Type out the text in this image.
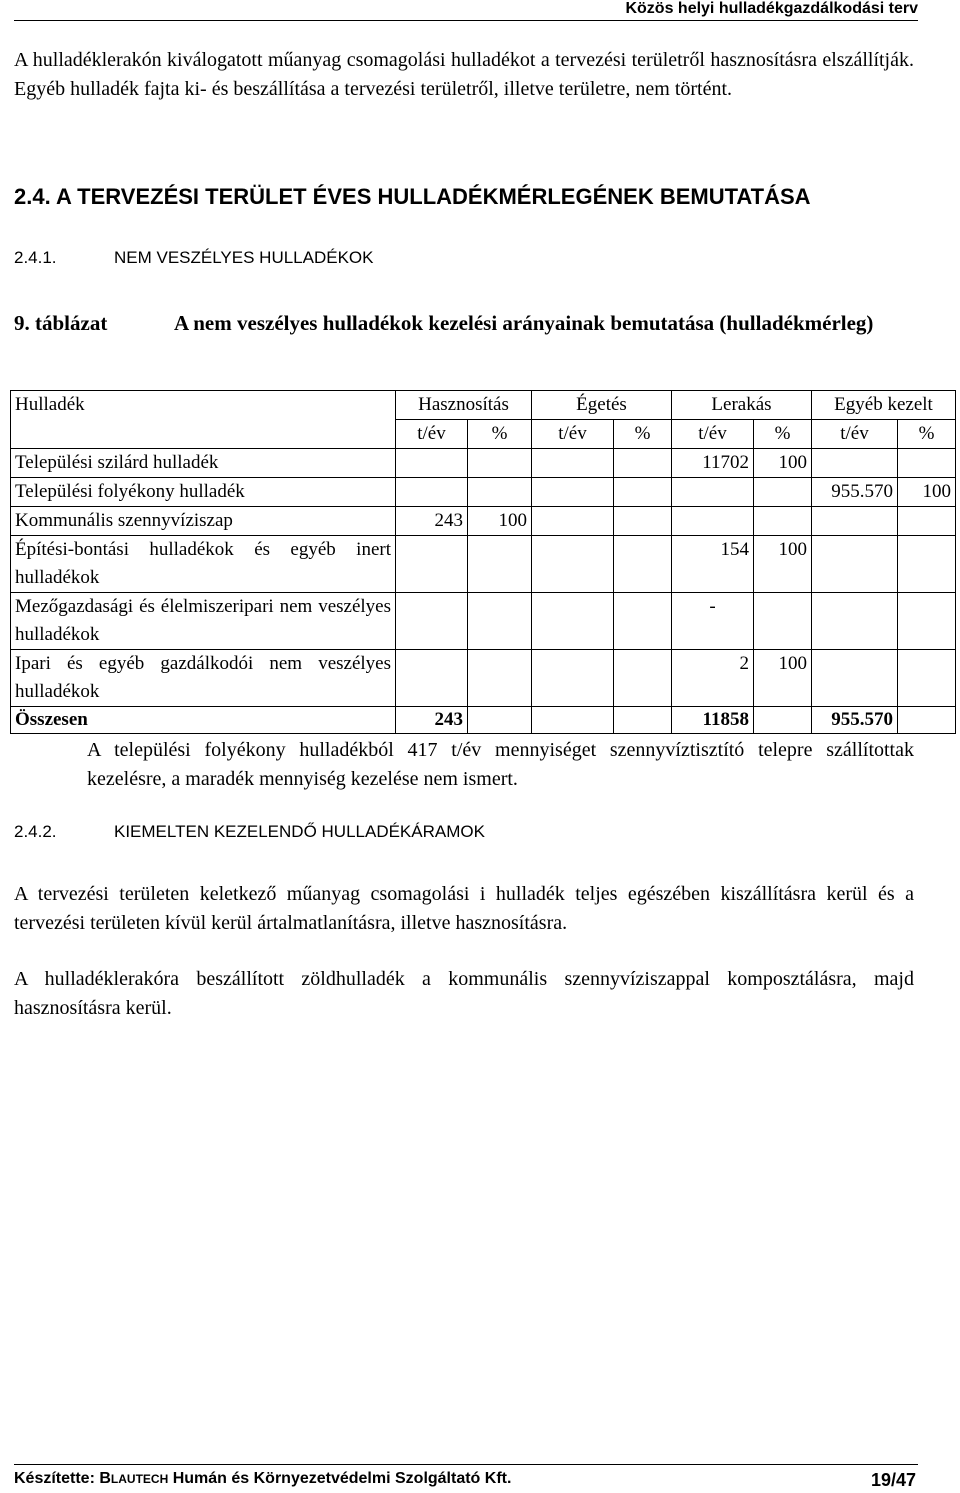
Közös helyi hulladékgazdálkodási terv

A hulladéklerakón kiválogatott műanyag csomagolási hulladékot a tervezési területről hasznosításra elszállítják. Egyéb hulladék fajta ki- és beszállítása a tervezési területről, illetve területre, nem történt.

2.4. A TERVEZÉSI TERÜLET ÉVES HULLADÉKMÉRLEGÉNEK BEMUTATÁSA
2.4.1.	NEM VESZÉLYES HULLADÉKOK
9. táblázat	A nem veszélyes hulladékok kezelési arányainak bemutatása (hulladékmérleg)
Hulladék	Hasznosítás		Égetés		Lerakás		Egyéb kezelt	
	t/év	%	t/év	%	t/év	%	t/év	%
Települési szilárd hulladék					11702	100		
Települési folyékony hulladék							955.570	100
Kommunális szennyvíziszap	243	100						
Építési-bontási hulladékok és egyéb inert hulladékok					154	100		
Mezőgazdasági és élelmiszeripari nem veszélyes hulladékok					-			
Ipari és egyéb gazdálkodói nem veszélyes hulladékok					2	100		
Összesen	243				11858		955.570	

A települési folyékony hulladékból 417 t/év mennyiséget szennyvíztisztító telepre szállítottak kezelésre, a maradék mennyiség kezelése nem ismert.

2.4.2.	KIEMELTEN KEZELENDŐ HULLADÉKÁRAMOK

A tervezési területen keletkező műanyag csomagolási i hulladék teljes egészében kiszállításra kerül és a tervezési területen kívül kerül ártalmatlanításra, illetve hasznosításra.

A hulladéklerakóra beszállított zöldhulladék a kommunális szennyvíziszappal komposztálásra, majd hasznosításra kerül.

Készítette: BLAUTECH Humán és Környezetvédelmi Szolgáltató Kft.	19/47
